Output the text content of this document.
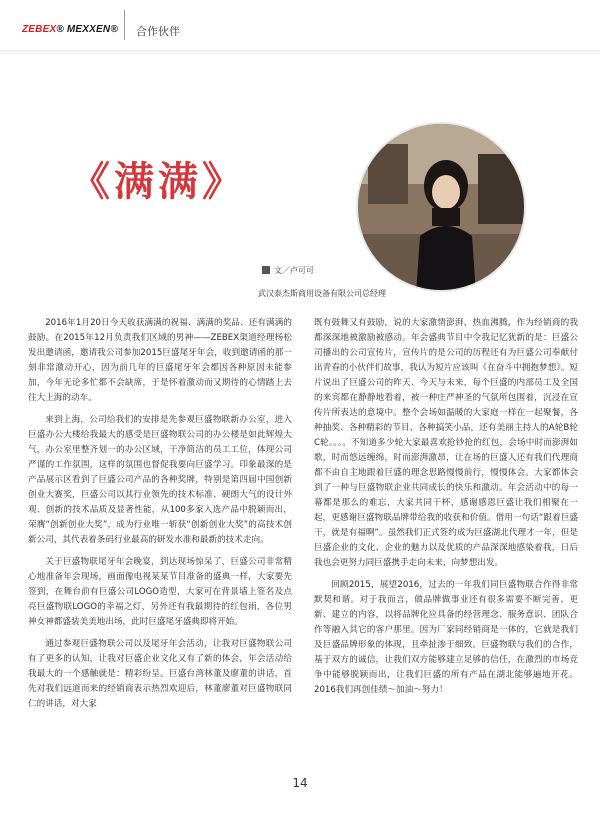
ZEBEX® MEXXEN® 合作伙伴
《满满》
文／卢可可
武汉泰杰斯商用设备有限公司总经理

2016年1月20日今天收获满满的祝福、满满的奖品、还有满满的鼓励。在2015年12月负责我们区域的男神——ZEBEX渠道经理杨松发出邀请函，邀请我公司参加2015巨盛尾牙年会，收到邀请函的那一刻非常激动开心，因为前几年的巨盛尾牙年会都因各种原因未能参加，今年无论多忙都不会缺席，于是怀着激动而又期待的心情踏上去往大上海的动车。

来到上海，公司给我们的安排是先参观巨盛物联新办公室，进入巨盛办公大楼给我最大的感受是巨盛物联公司的办公楼是如此辉煌大气，办公室里整齐划一的办公区域，干净简洁的员工工位，体现公司严谨的工作氛围，这样的氛围也督促我要向巨盛学习。印象最深的是产品展示区看到了巨盛公司产品的各种奖牌，特别是第四届中国创新创业大赛奖，巨盛公司以其行业领先的技术标准、硬朗大气的设计外观、创新的技术品质及显著性能，从100多家入选产品中脱颖而出，荣膺“创新创业大奖”，成为行业唯一斩获“创新创业大奖”的高技术创新公司，其代表着条码行业最高的研发水准和最新的技术走向。

关于巨盛物联尾牙年会晚宴，到达现场惊呆了，巨盛公司非常精心地准备年会现场，画面像电视某某节目准备的盛典一样，大家要先签到，在舞台前有巨盛公司LOGO造型，大家可在背景墙上签名及点亮巨盛物联LOGO的幸福之灯，另外还有我最期待的红包雨，各位男神女神都盛装美美地出场，此时巨盛尾牙盛典即将开始。

通过参观巨盛物联公司以及尾牙年会活动，让我对巨盛物联公司有了更多的认知，让我对巨盛企业文化又有了新的体会，年会活动给我最大的一个感触就是：精彩纷呈。巨盛台湾林董及廖董的讲话，首先对我们远道而来的经销商表示热烈欢迎后，林董廖董对巨盛物联同仁的讲话，对大家

既有鼓舞又有鼓励，说的大家激情澎湃，热血沸腾，作为经销商的我都深深地被激励被感动。年会盛典节目中令我记忆犹新的是：巨盛公司播出的公司宣传片，宣传片的是公司的历程还有为巨盛公司奉献付出青春的小伙伴们故事，我认为短片应该叫《在奋斗中拥抱梦想》。短片说出了巨盛公司的昨天、今天与未来，每个巨盛的内部员工及全国的来宾都在静静地看着，被一种庄严神圣的气氛所包围着，沉浸在宣传片所表达的意境中。整个会场如温暖的大家庭一样在一起聚餐，各种抽奖、各种精彩的节目、各种搞笑小品，还有美丽主持人的A轮B轮C轮。。。。不知道多少轮大家最喜欢抢钞抢的红包，会场中时而澎湃如歌，时而悠远缠绵，时而澎湃激昂，让在场的巨盛人还有我们代理商都不由自主地跟着巨盛的理念思路慢慢前行，慢慢体会。大家都体会到了一种与巨盛物联企业共同成长的快乐和激动。年会活动中的每一幕都是那么的难忘，大家共同干杯，感谢感恩巨盛让我们相聚在一起，更感谢巨盛物联品牌带给我的收获和价值。借用一句话“跟着巨盛干，就是有福啊”。虽然我们正式签约成为巨盛湖北代理才一年，但是巨盛企业的文化、企业的魅力以及优质的产品深深地感染着我，日后我也会更努力同巨盛携手走向未来，向梦想出发。

回顾2015，展望2016，过去的一年我们同巨盛物联合作得非常默契和谐。对于我而言，做品牌做事业还有很多需要不断完善、更新、建立的内容，以将品牌化应具备的经营理念、服务意识、团队合作等融入其它的客户那里。因为厂家同经销商是一体的，它就是我们及巨盛品牌形象的体现，且牵扯渗于细致。巨盛物联与我们的合作，基于双方的诚信，让我们双方能够建立足够的信任，在激烈的市场竞争中能够脱颖而出，让我们巨盛的所有产品在湖北能够遍地开花。2016我们再创佳绩～加油～努力！

14
